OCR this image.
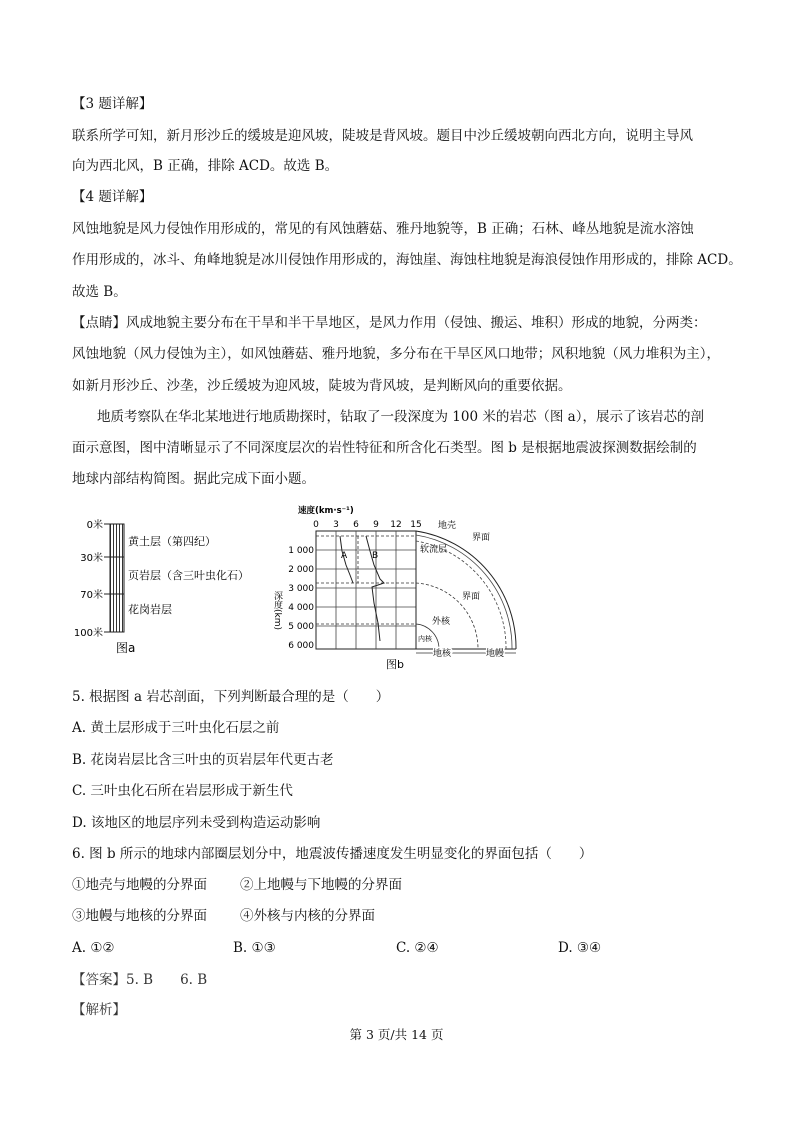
【3 题详解】
联系所学可知，新月形沙丘的缓坡是迎风坡，陡坡是背风坡。题目中沙丘缓坡朝向西北方向，说明主导风
向为西北风，B 正确，排除 ACD。故选 B。
【4 题详解】
风蚀地貌是风力侵蚀作用形成的，常见的有风蚀蘑菇、雅丹地貌等，B 正确；石林、峰丛地貌是流水溶蚀
作用形成的，冰斗、角峰地貌是冰川侵蚀作用形成的，海蚀崖、海蚀柱地貌是海浪侵蚀作用形成的，排除 ACD。
故选 B。
【点睛】风成地貌主要分布在干旱和半干旱地区，是风力作用（侵蚀、搬运、堆积）形成的地貌，分两类：
风蚀地貌（风力侵蚀为主），如风蚀蘑菇、雅丹地貌，多分布在干旱区风口地带；风积地貌（风力堆积为主），
如新月形沙丘、沙垄，沙丘缓坡为迎风坡，陡坡为背风坡，是判断风向的重要依据。
地质考察队在华北某地进行地质勘探时，钻取了一段深度为 100 米的岩芯（图 a），展示了该岩芯的剖
面示意图，图中清晰显示了不同深度层次的岩性特征和所含化石类型。图 b 是根据地震波探测数据绘制的
地球内部结构简图。据此完成下面小题。
0米
30米
70米
100米
黄土层（第四纪）
页岩层（含三叶虫化石）
花岗岩层
图a
速度(km·s⁻¹)
0 3 6 9 12 15
1 000
2 000
3 000
4 000
5 000
6 000
深度(km)
A	B
地壳
界面
软流层
界面
外核
内核
地核	地幔
图b
5. 根据图 a 岩芯剖面，下列判断最合理的是（　　）
A. 黄土层形成于三叶虫化石层之前
B. 花岗岩层比含三叶虫的页岩层年代更古老
C. 三叶虫化石所在岩层形成于新生代
D. 该地区的地层序列未受到构造运动影响
6. 图 b 所示的地球内部圈层划分中，地震波传播速度发生明显变化的界面包括（　　）
①地壳与地幔的分界面 ②上地幔与下地幔的分界面
③地幔与地核的分界面 ④外核与内核的分界面
A. ①②	B. ①③	C. ②④	D. ③④
【答案】5. B　　6. B
【解析】
第 3 页/共 14 页
